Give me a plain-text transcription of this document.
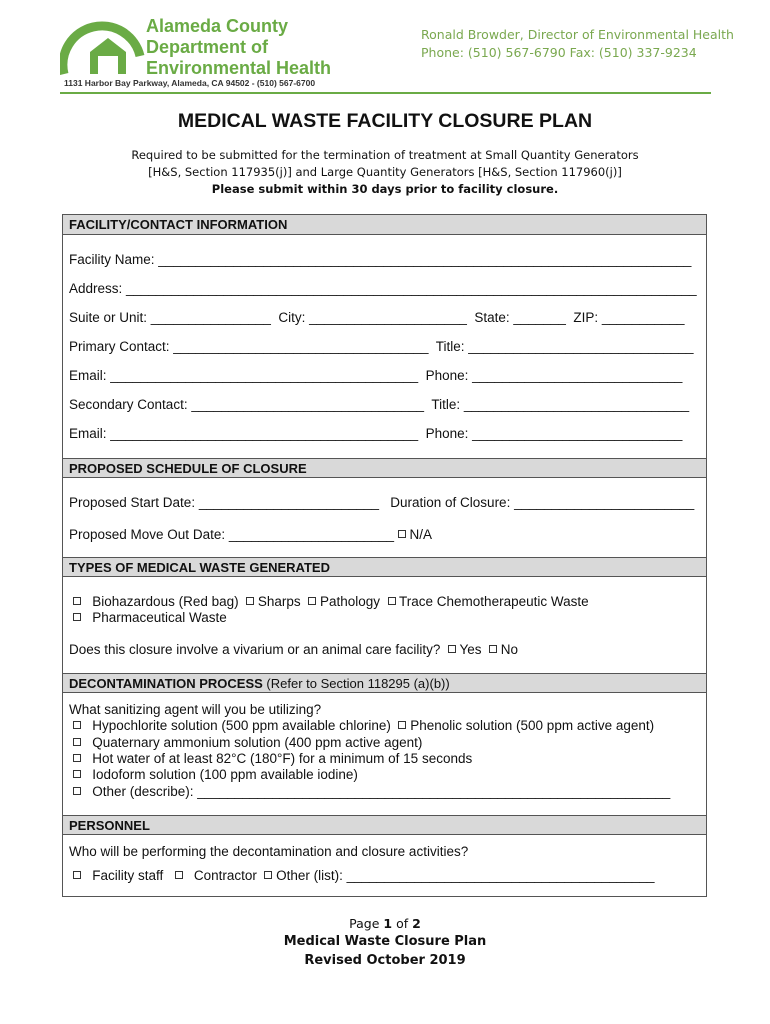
Alameda County
Department of
Environmental Health
1131 Harbor Bay Parkway, Alameda, CA 94502 - (510) 567-6700
Ronald Browder, Director of Environmental Health
Phone: (510) 567-6790 Fax: (510) 337-9234
MEDICAL WASTE FACILITY CLOSURE PLAN
Required to be submitted for the termination of treatment at Small Quantity Generators
[H&S, Section 117935(j)] and Large Quantity Generators [H&S, Section 117960(j)]
Please submit within 30 days prior to facility closure.
FACILITY/CONTACT INFORMATION
Facility Name: _______________________________________________________________________
Address: ____________________________________________________________________________
Suite or Unit: ________________  City: _____________________  State: _______  ZIP: ___________
Primary Contact: __________________________________  Title: ______________________________
Email: _________________________________________  Phone: ____________________________
Secondary Contact: _______________________________  Title: ______________________________
Email: _________________________________________  Phone: ____________________________
PROPOSED SCHEDULE OF CLOSURE
Proposed Start Date: ________________________   Duration of Closure: ________________________
Proposed Move Out Date: ______________________  N/A
TYPES OF MEDICAL WASTE GENERATED
Biohazardous (Red bag) Sharps Pathology Trace Chemotherapeutic Waste
Pharmaceutical Waste
Does this closure involve a vivarium or an animal care facility? Yes No
DECONTAMINATION PROCESS (Refer to Section 118295 (a)(b))
What sanitizing agent will you be utilizing?
Hypochlorite solution (500 ppm available chlorine) Phenolic solution (500 ppm active agent)
Quaternary ammonium solution (400 ppm active agent)
Hot water of at least 82°C (180°F) for a minimum of 15 seconds
Iodoform solution (100 ppm available iodine)
Other (describe): _______________________________________________________________
PERSONNEL
Who will be performing the decontamination and closure activities?
Facility staff Contractor Other (list): _________________________________________
Page 1 of 2
Medical Waste Closure Plan
Revised October 2019
